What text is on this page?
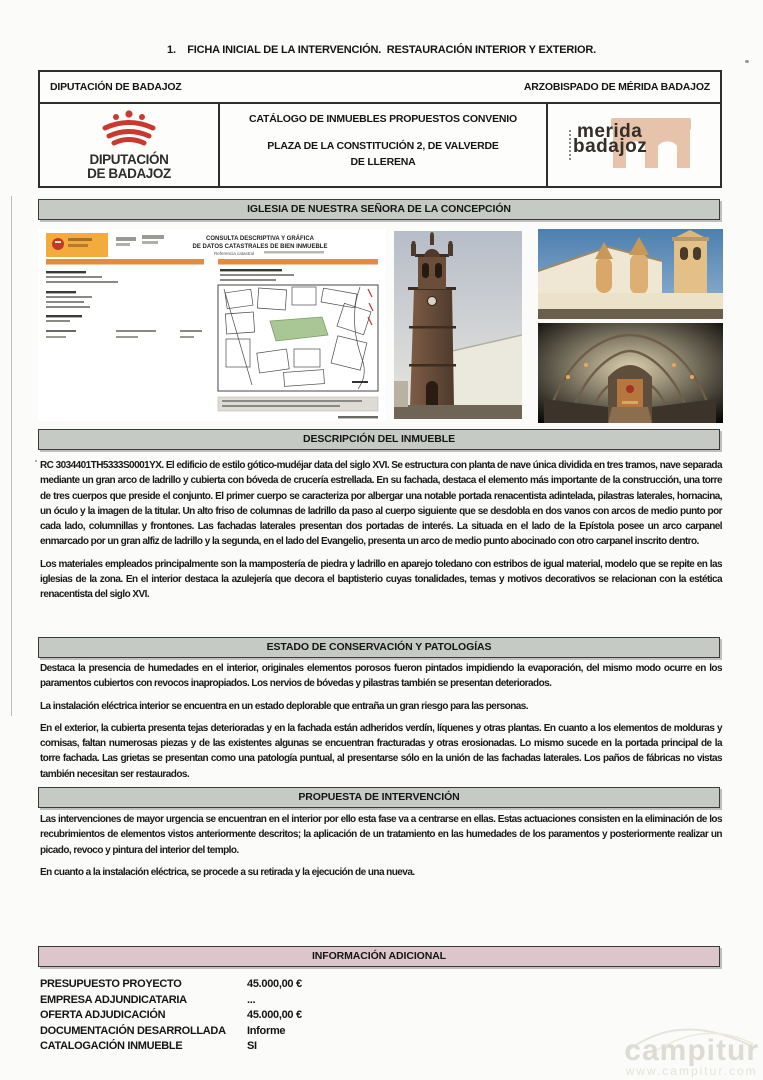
1.    FICHA INICIAL DE LA INTERVENCIÓN.  RESTAURACIÓN INTERIOR Y EXTERIOR.
DIPUTACIÓN DE BADAJOZ	ARZOBISPADO DE MÉRIDA BADAJOZ
DIPUTACIÓN
DE BADAJOZ
CATÁLOGO DE INMUEBLES PROPUESTOS CONVENIO
PLAZA DE LA CONSTITUCIÓN 2, DE VALVERDE
DE LLERENA
merida
badajoz
IGLESIA DE NUESTRA SEÑORA DE LA CONCEPCIÓN
CONSULTA DESCRIPTIVA Y GRÁFICA
DE DATOS CATASTRALES DE BIEN INMUEBLE
Referencia catastral
DESCRIPCIÓN DEL INMUEBLE

RC 3034401TH5333S0001YX. El edificio de estilo gótico-mudéjar data del siglo XVI. Se estructura con planta de nave única dividida en tres tramos, nave separada mediante un gran arco de ladrillo y cubierta con bóveda de crucería estrellada. En su fachada, destaca el elemento más importante de la construcción, una torre de tres cuerpos que preside el conjunto. El primer cuerpo se caracteriza por albergar una notable portada renacentista adintelada, pilastras laterales, hornacina, un óculo y la imagen de la titular. Un alto friso de columnas de ladrillo da paso al cuerpo siguiente que se desdobla en dos vanos con arcos de medio punto por cada lado, columnillas y frontones. Las fachadas laterales presentan dos portadas de interés. La situada en el lado de la Epístola posee un arco carpanel enmarcado por un gran alfiz de ladrillo y la segunda, en el lado del Evangelio, presenta un arco de medio punto abocinado con otro carpanel inscrito dentro.

Los materiales empleados principalmente son la mampostería de piedra y ladrillo en aparejo toledano con estribos de igual material, modelo que se repite en las iglesias de la zona. En el interior destaca la azulejería que decora el baptisterio cuyas tonalidades, temas y motivos decorativos se relacionan con la estética renacentista del siglo XVI.

ESTADO DE CONSERVACIÓN Y PATOLOGÍAS

Destaca la presencia de humedades en el interior, originales elementos porosos fueron pintados impidiendo la evaporación, del mismo modo ocurre en los paramentos cubiertos con revocos inapropiados. Los nervios de bóvedas y pilastras también se presentan deteriorados.

La instalación eléctrica interior se encuentra en un estado deplorable que entraña un gran riesgo para las personas.

En el exterior, la cubierta presenta tejas deterioradas y en la fachada están adheridos verdín, líquenes y otras plantas. En cuanto a los elementos de molduras y cornisas, faltan numerosas piezas y de las existentes algunas se encuentran fracturadas y otras erosionadas. Lo mismo sucede en la portada principal de la torre fachada. Las grietas se presentan como una patología puntual, al presentarse sólo en la unión de las fachadas laterales. Los paños de fábricas no vistas también necesitan ser restaurados.

PROPUESTA DE INTERVENCIÓN

Las intervenciones de mayor urgencia se encuentran en el interior por ello esta fase va a centrarse en ellas. Estas actuaciones consisten en la eliminación de los recubrimientos de elementos vistos anteriormente descritos; la aplicación de un tratamiento en las humedades de los paramentos y posteriormente realizar un picado, revoco y pintura del interior del templo.

En cuanto a la instalación eléctrica, se procede a su retirada y la ejecución de una nueva.

INFORMACIÓN ADICIONAL
PRESUPUESTO PROYECTO	45.000,00 €
EMPRESA ADJUNDICATARIA	...
OFERTA ADJUDICACIÓN	45.000,00 €
DOCUMENTACIÓN DESARROLLADA	Informe
CATALOGACIÓN INMUEBLE	SI	campitur
www.campitur.com
